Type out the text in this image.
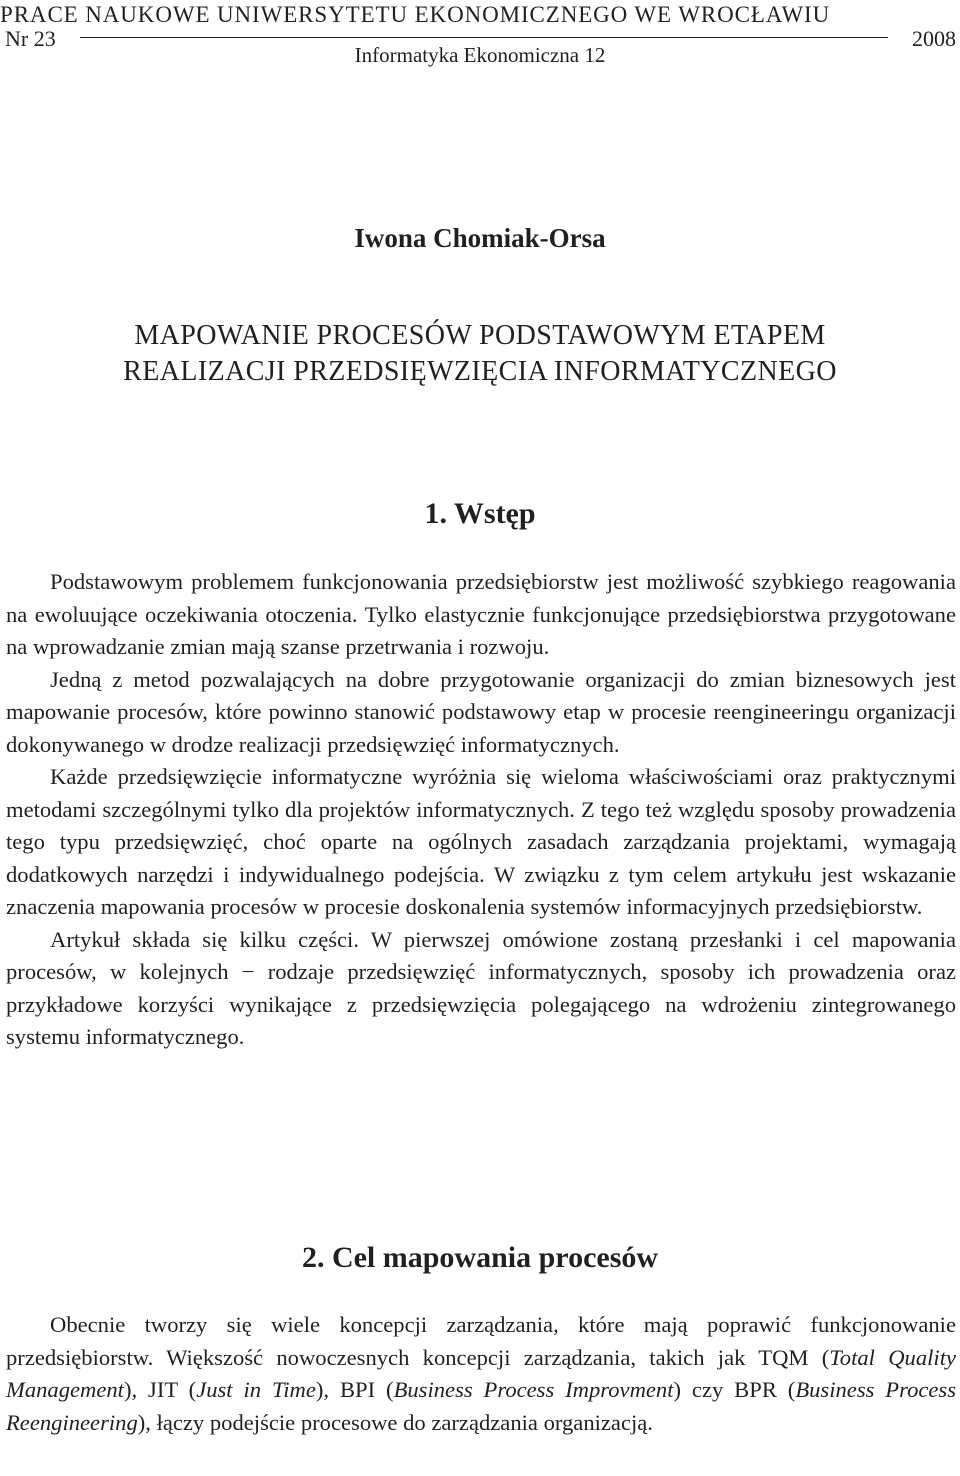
PRACE NAUKOWE UNIWERSYTETU EKONOMICZNEGO WE WROCŁAWIU
Nr 23	2008
Informatyka Ekonomiczna 12
Iwona Chomiak-Orsa
MAPOWANIE PROCESÓW PODSTAWOWYM ETAPEM
REALIZACJI PRZEDSIĘWZIĘCIA INFORMATYCZNEGO
1. Wstęp

Podstawowym problemem funkcjonowania przedsiębiorstw jest możliwość szybkiego reagowania na ewoluujące oczekiwania otoczenia. Tylko elastycznie funkcjonujące przedsiębiorstwa przygotowane na wprowadzanie zmian mają szanse przetrwania i rozwoju.

Jedną z metod pozwalających na dobre przygotowanie organizacji do zmian biznesowych jest mapowanie procesów, które powinno stanowić podstawowy etap w procesie reengineeringu organizacji dokonywanego w drodze realizacji przedsięwzięć informatycznych.

Każde przedsięwzięcie informatyczne wyróżnia się wieloma właściwościami oraz praktycznymi metodami szczególnymi tylko dla projektów informatycznych. Z tego też względu sposoby prowadzenia tego typu przedsięwzięć, choć oparte na ogólnych zasadach zarządzania projektami, wymagają dodatkowych narzędzi i indywidualnego podejścia. W związku z tym celem artykułu jest wskazanie znaczenia mapowania procesów w procesie doskonalenia systemów informacyjnych przedsiębiorstw.

Artykuł składa się kilku części. W pierwszej omówione zostaną przesłanki i cel mapowania procesów, w kolejnych − rodzaje przedsięwzięć informatycznych, sposoby ich prowadzenia oraz przykładowe korzyści wynikające z przedsięwzięcia polegającego na wdrożeniu zintegrowanego systemu informatycznego.

2. Cel mapowania procesów

Obecnie tworzy się wiele koncepcji zarządzania, które mają poprawić funkcjonowanie przedsiębiorstw. Większość nowoczesnych koncepcji zarządzania, takich jak TQM (Total Quality Management), JIT (Just in Time), BPI (Business Process Improvment) czy BPR (Business Process Reengineering), łączy podejście procesowe do zarządzania organizacją.
